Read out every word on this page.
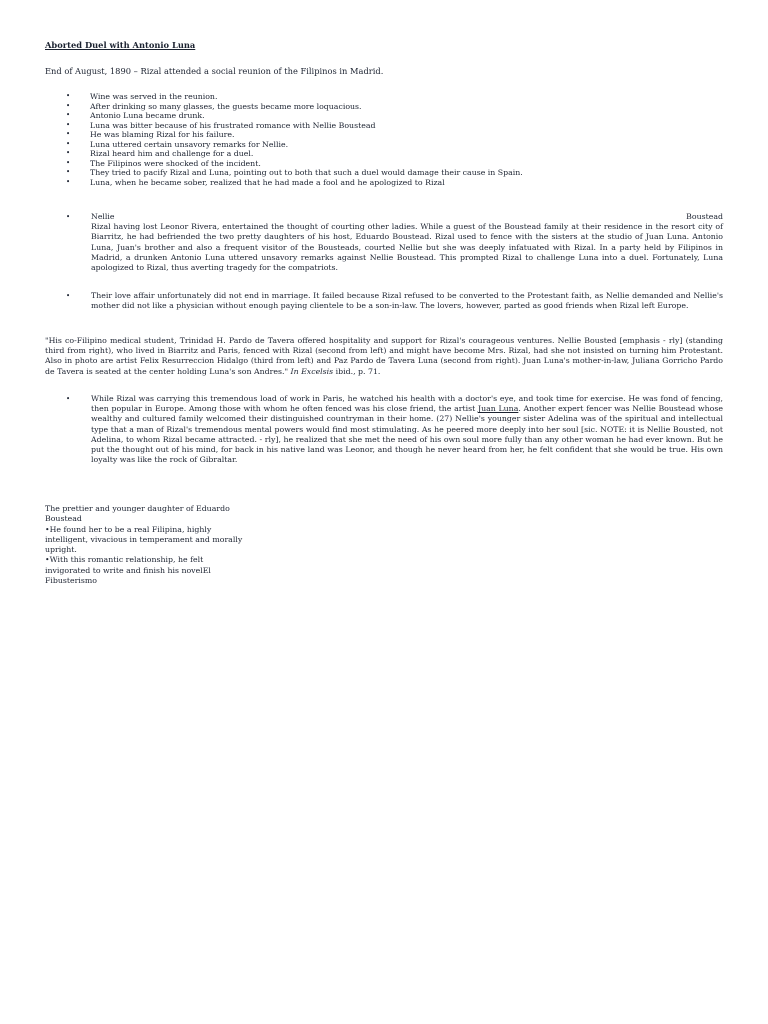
Aborted Duel with Antonio Luna
End of August, 1890 – Rizal attended a social reunion of the Filipinos in Madrid.
•	Wine was served in the reunion.
•	After drinking so many glasses, the guests became more loquacious.
•	Antonio Luna became drunk.
•	Luna was bitter because of his frustrated romance with Nellie Boustead
•	He was blaming Rizal for his failure.
•	Luna uttered certain unsavory remarks for Nellie.
•	Rizal heard him and challenge for a duel.
•	The Filipinos were shocked of the incident.
•	They tried to pacify Rizal and Luna, pointing out to both that such a duel would damage their cause in Spain.
•	Luna, when he became sober, realized that he had made a fool and he apologized to Rizal
•	Nellie	Boustead
Rizal having lost Leonor Rivera, entertained the thought of courting other ladies. While a guest of the Boustead family at their residence in the resort city of Biarritz, he had befriended the two pretty daughters of his host, Eduardo Boustead. Rizal used to fence with the sisters at the studio of Juan Luna. Antonio Luna, Juan's brother and also a frequent visitor of the Bousteads, courted Nellie but she was deeply infatuated with Rizal. In a party held by Filipinos in Madrid, a drunken Antonio Luna uttered unsavory remarks against Nellie Boustead. This prompted Rizal to challenge Luna into a duel. Fortunately, Luna apologized to Rizal, thus averting tragedy for the compatriots.
•	Their love affair unfortunately did not end in marriage. It failed because Rizal refused to be converted to the Protestant faith, as Nellie demanded and Nellie's mother did not like a physician without enough paying clientele to be a son-in-law. The lovers, however, parted as good friends when Rizal left Europe.
"His co-Filipino medical student, Trinidad H. Pardo de Tavera offered hospitality and support for Rizal's courageous ventures. Nellie Bousted [emphasis - rly] (standing third from right), who lived in Biarritz and Paris, fenced with Rizal (second from left) and might have become Mrs. Rizal, had she not insisted on turning him Protestant. Also in photo are artist Felix Resurreccion Hidalgo (third from left) and Paz Pardo de Tavera Luna (second from right). Juan Luna's mother-in-law, Juliana Gorricho Pardo de Tavera is seated at the center holding Luna's son Andres." In Excelsis ibid., p. 71.
•	While Rizal was carrying this tremendous load of work in Paris, he watched his health with a doctor's eye, and took time for exercise. He was fond of fencing, then popular in Europe. Among those with whom he often fenced was his close friend, the artist Juan Luna. Another expert fencer was Nellie Boustead whose wealthy and cultured family welcomed their distinguished countryman in their home. (27) Nellie's younger sister Adelina was of the spiritual and intellectual type that a man of Rizal's tremendous mental powers would find most stimulating. As he peered more deeply into her soul [sic. NOTE: it is Nellie Bousted, not Adelina, to whom Rizal became attracted. - rly], he realized that she met the need of his own soul more fully than any other woman he had ever known. But he put the thought out of his mind, for back in his native land was Leonor, and though he never heard from her, he felt confident that she would be true. His own loyalty was like the rock of Gibraltar.
The prettier and younger daughter of Eduardo
Boustead
•He found her to be a real Filipina, highly
intelligent, vivacious in temperament and morally
upright.
•With this romantic relationship, he felt
invigorated to write and finish his novelEl
Fibusterismo
